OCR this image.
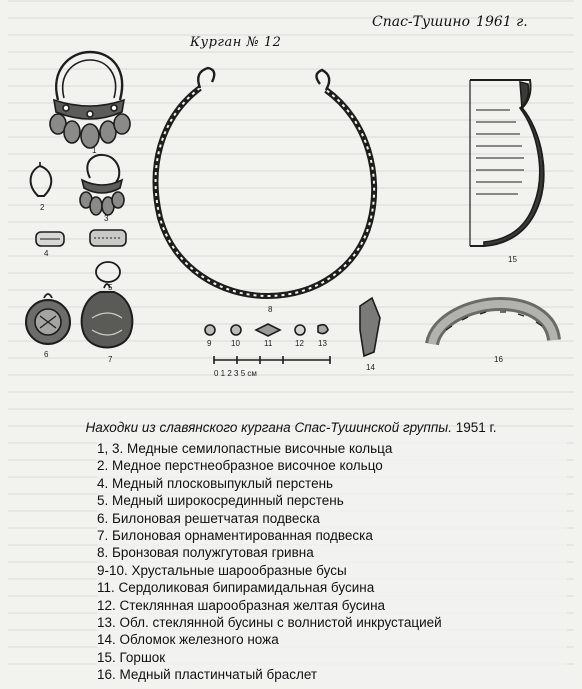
1
2
3
4
5
6
7
8
9 10	11	12 13
14
0 1 2 3 5 см
15
16
Спас-Тушино 1961 г.
Курган № 12
Находки из славянского кургана Спас-Тушинской группы. 1951 г.
1, 3. Медные семилопастные височные кольца
2. Медное перстнеобразное височное кольцо
4. Медный плосковыпуклый перстень
5. Медный широкосрединный перстень
6. Билоновая решетчатая подвеска
7. Билоновая орнаментированная подвеска
8. Бронзовая полужгутовая гривна
9-10. Хрустальные шарообразные бусы
11. Сердоликовая бипирамидальная бусина
12. Стеклянная шарообразная желтая бусина
13. Обл. стеклянной бусины с волнистой инкрустацией
14. Обломок железного ножа
15. Горшок
16. Медный пластинчатый браслет
